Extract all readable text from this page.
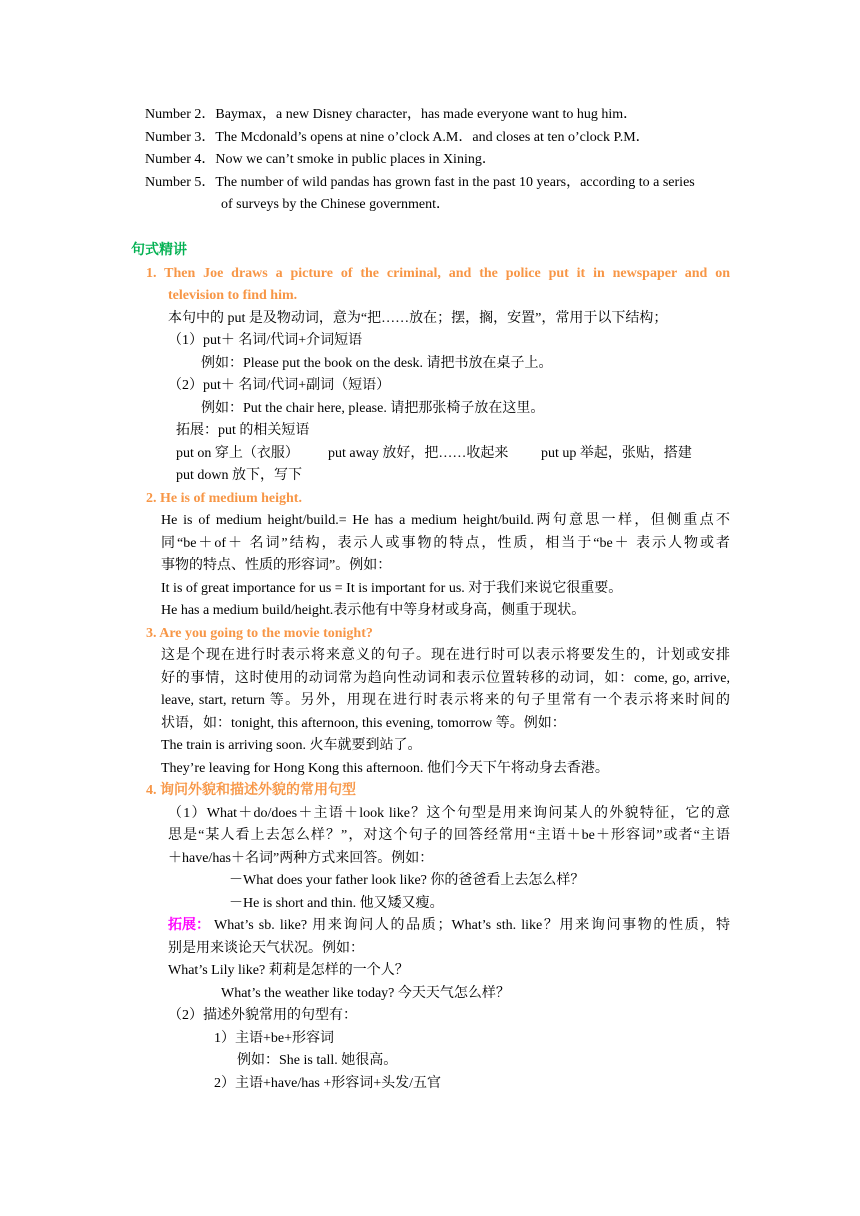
Number 2．Baymax，a new Disney character，has made everyone want to hug him．
Number 3．The Mcdonald’s opens at nine o’clock A.M．and closes at ten o’clock P.M．
Number 4．Now we can’t smoke in public places in Xining．
Number 5．The number of wild pandas has grown fast in the past 10 years，according to a series
of surveys by the Chinese government．
句式精讲
1. Then Joe draws a picture of the criminal, and the police put it in newspaper and on
television to find him.
本句中的 put 是及物动词，意为“把……放在；摆，搁，安置”，常用于以下结构；
（1）put＋ 名词/代词+介词短语
例如：Please put the book on the desk. 请把书放在桌子上。
（2）put＋ 名词/代词+副词（短语）
例如：Put the chair here, please. 请把那张椅子放在这里。
拓展：put 的相关短语
put on 穿上（衣服） put away 放好，把……收起来 put up 举起，张贴，搭建
put down 放下，写下
2. He is of medium height.
He is of medium height/build.= He has a medium height/build.两句意思一样，但侧重点不
同“be＋of＋ 名词”结构，表示人或事物的特点，性质，相当于“be＋ 表示人物或者
事物的特点、性质的形容词”。例如：
It is of great importance for us = It is important for us. 对于我们来说它很重要。
He has a medium build/height.表示他有中等身材或身高，侧重于现状。
3. Are you going to the movie tonight?
这是个现在进行时表示将来意义的句子。现在进行时可以表示将要发生的，计划或安排
好的事情，这时使用的动词常为趋向性动词和表示位置转移的动词，如：come, go, arrive,
leave, start, return 等。另外，用现在进行时表示将来的句子里常有一个表示将来时间的
状语，如：tonight, this afternoon, this evening, tomorrow 等。例如：
The train is arriving soon. 火车就要到站了。
They’re leaving for Hong Kong this afternoon. 他们今天下午将动身去香港。
4. 询问外貌和描述外貌的常用句型
（1）What＋do/does＋主语＋look like？这个句型是用来询问某人的外貌特征，它的意
思是“某人看上去怎么样？”，对这个句子的回答经常用“主语＋be＋形容词”或者“主语
＋have/has＋名词”两种方式来回答。例如：
－What does your father look like? 你的爸爸看上去怎么样？
－He is short and thin. 他又矮又瘦。
拓展： What’s sb. like? 用来询问人的品质；What’s sth. like？用来询问事物的性质，特
别是用来谈论天气状况。例如：
What’s Lily like? 莉莉是怎样的一个人？
What’s the weather like today? 今天天气怎么样？
（2）描述外貌常用的句型有：
1）主语+be+形容词
例如：She is tall. 她很高。
2）主语+have/has +形容词+头发/五官
